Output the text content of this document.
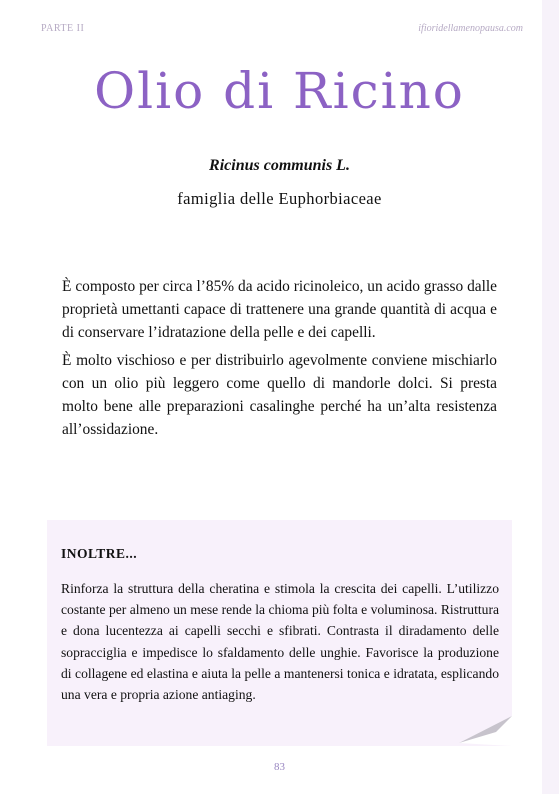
PARTE II	ifioridellamenopausa.com
Olio di Ricino
Ricinus communis L.
famiglia delle Euphorbiaceae

È composto per circa l’85% da acido ricinoleico, un acido grasso dalle proprietà umettanti capace di trattenere una grande quantità di acqua e di conservare l’idratazione della pelle e dei capelli.

È molto vischioso e per distribuirlo agevolmente conviene mischiarlo con un olio più leggero come quello di mandorle dolci. Si presta molto bene alle preparazioni casalinghe perché ha un’alta resistenza all’ossidazione.

INOLTRE...

Rinforza la struttura della cheratina e stimola la crescita dei capelli. L’utilizzo costante per almeno un mese rende la chioma più folta e voluminosa. Ristruttura e dona lucentezza ai capelli secchi e sfibrati. Contrasta il diradamento delle sopracciglia e impedisce lo sfaldamento delle unghie. Favorisce la produzione di collagene ed elastina e aiuta la pelle a mantenersi tonica e idratata, esplicando una vera e propria azione antiaging.

83
